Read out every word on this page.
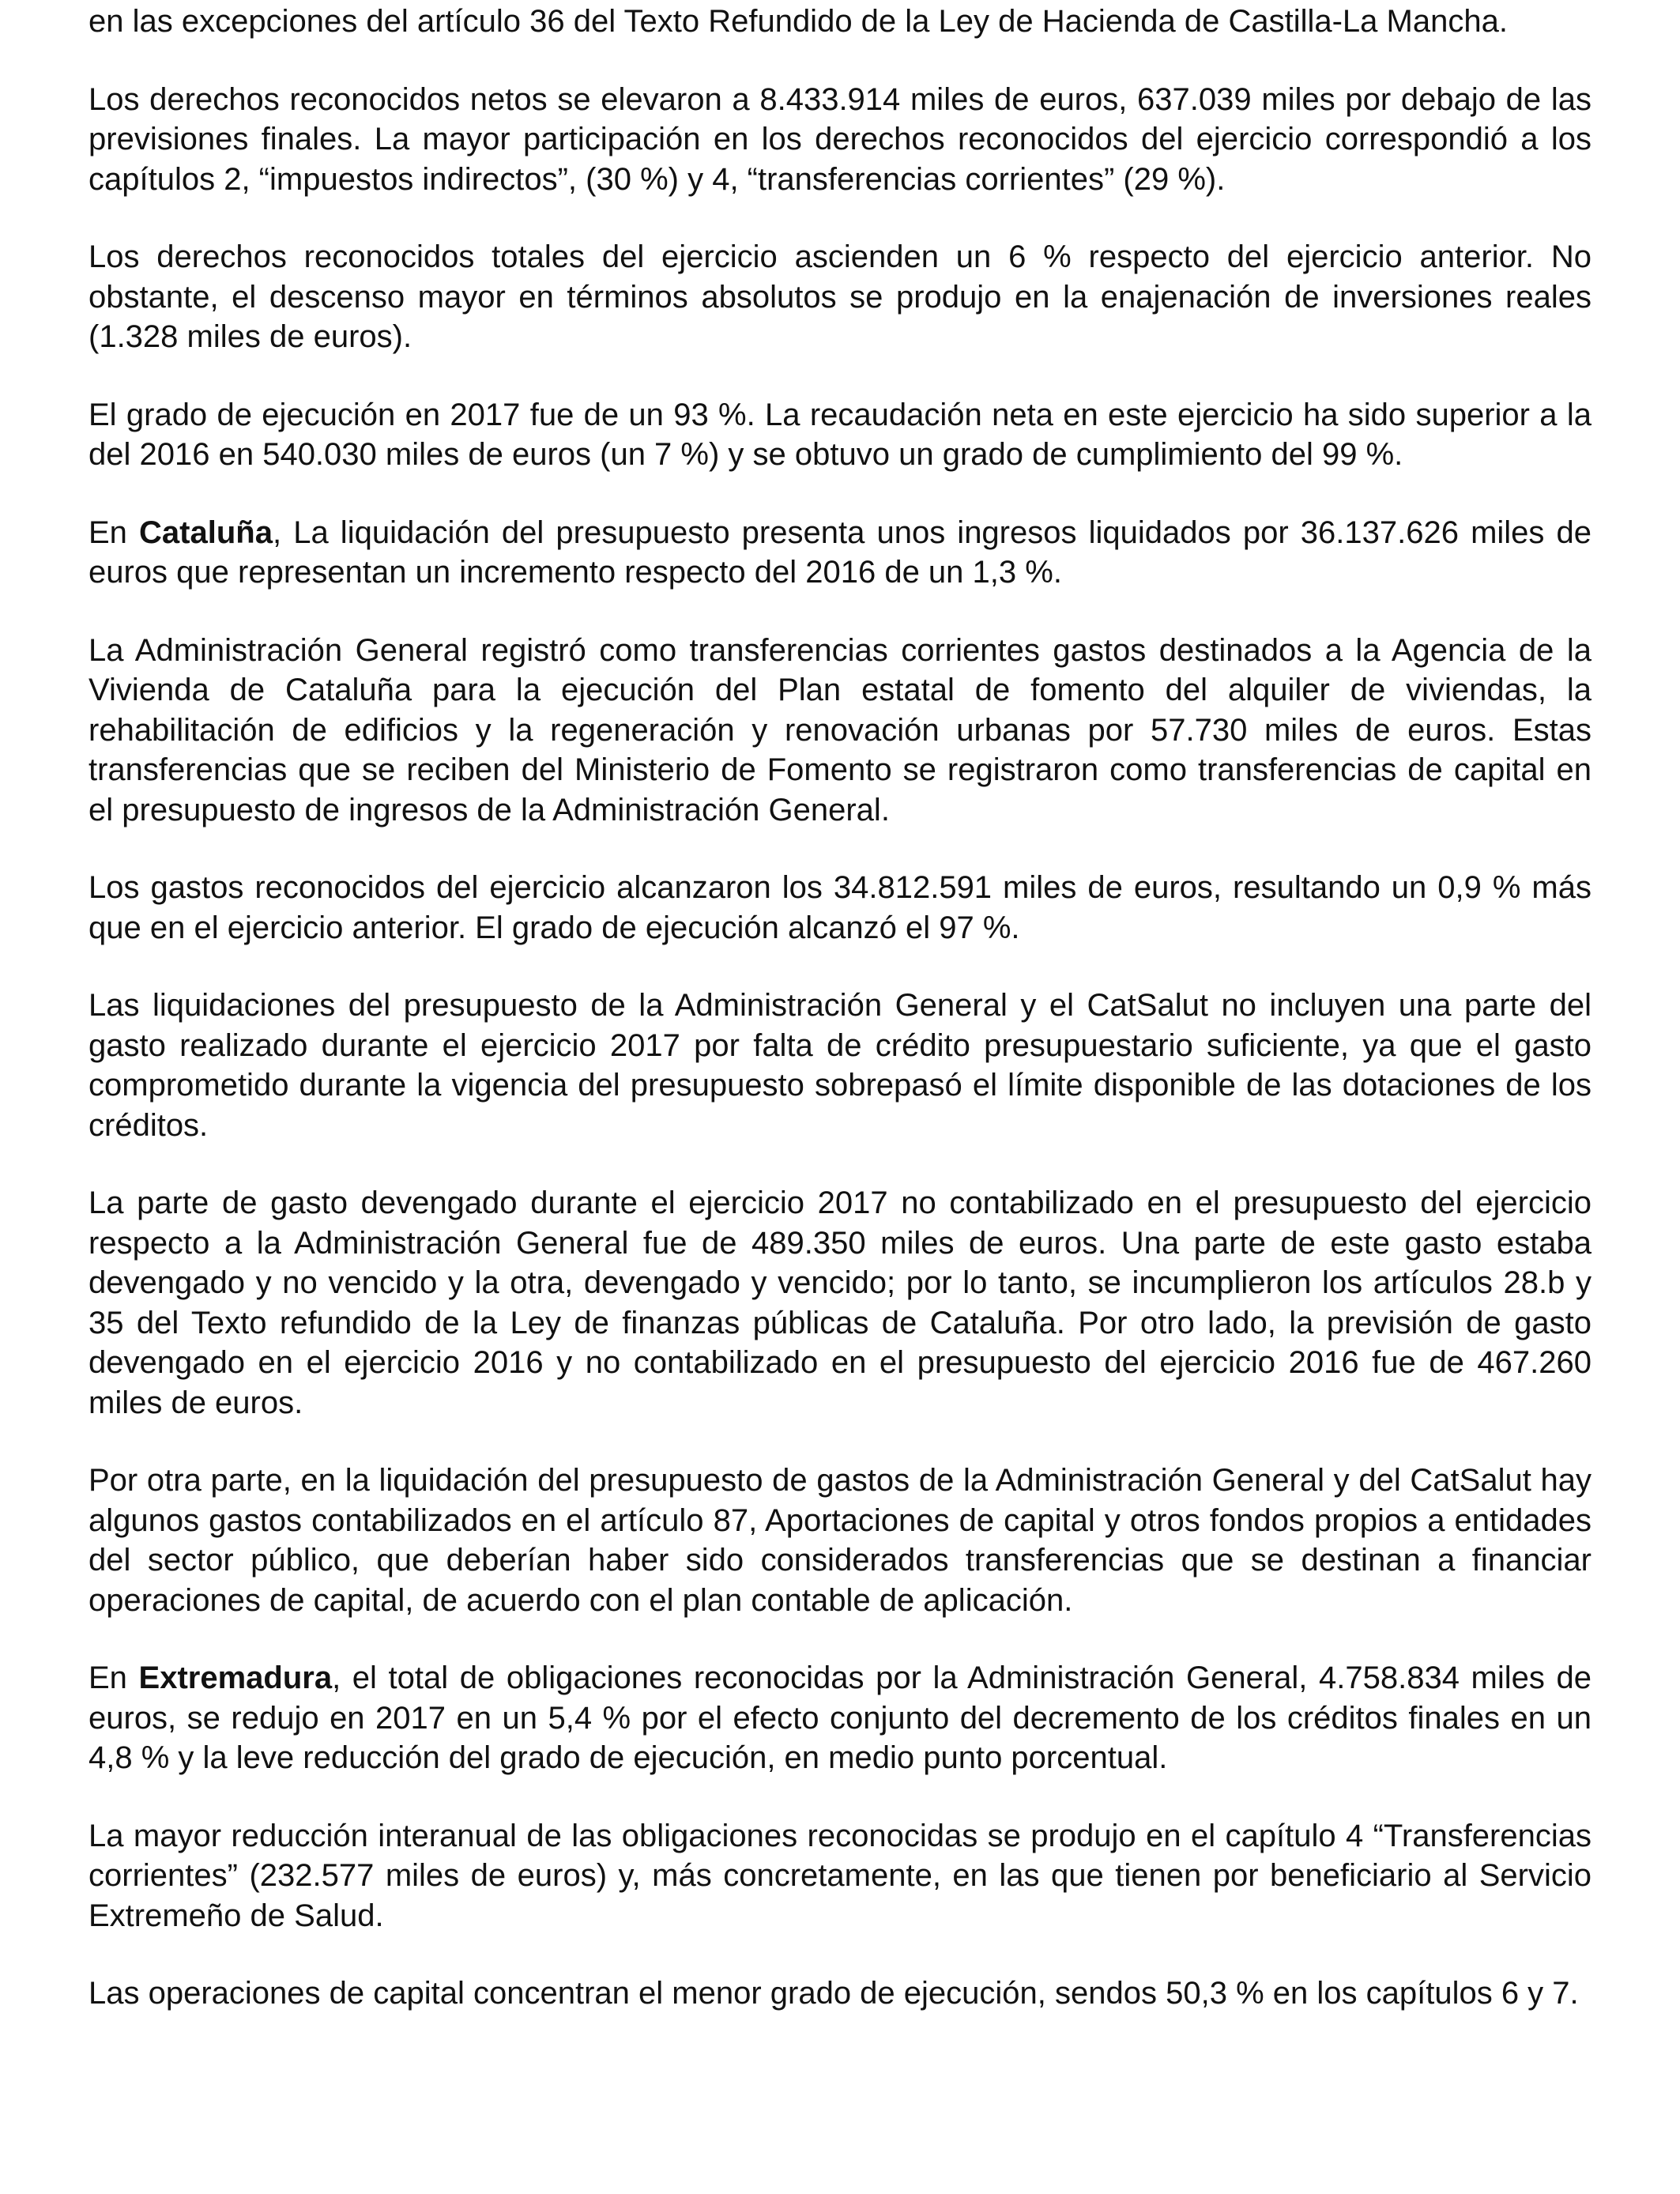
en las excepciones del artículo 36 del Texto Refundido de la Ley de Hacienda de Castilla-La Mancha.

Los derechos reconocidos netos se elevaron a 8.433.914 miles de euros, 637.039 miles por debajo de las previsiones finales. La mayor participación en los derechos reconocidos del ejercicio correspondió a los capítulos 2, “impuestos indirectos”, (30 %) y 4, “transferencias corrientes” (29 %).

Los derechos reconocidos totales del ejercicio ascienden un 6 % respecto del ejercicio anterior. No obstante, el descenso mayor en términos absolutos se produjo en la enajenación de inversiones reales (1.328 miles de euros).

El grado de ejecución en 2017 fue de un 93 %. La recaudación neta en este ejercicio ha sido superior a la del 2016 en 540.030 miles de euros (un 7 %) y se obtuvo un grado de cumplimiento del 99 %.

En Cataluña, La liquidación del presupuesto presenta unos ingresos liquidados por 36.137.626 miles de euros que representan un incremento respecto del 2016 de un 1,3 %.

La Administración General registró como transferencias corrientes gastos destinados a la Agencia de la Vivienda de Cataluña para la ejecución del Plan estatal de fomento del alquiler de viviendas, la rehabilitación de edificios y la regeneración y renovación urbanas por 57.730 miles de euros. Estas transferencias que se reciben del Ministerio de Fomento se registraron como transferencias de capital en el presupuesto de ingresos de la Administración General.

Los gastos reconocidos del ejercicio alcanzaron los 34.812.591 miles de euros, resultando un 0,9 % más que en el ejercicio anterior. El grado de ejecución alcanzó el 97 %.

Las liquidaciones del presupuesto de la Administración General y el CatSalut no incluyen una parte del gasto realizado durante el ejercicio 2017 por falta de crédito presupuestario suficiente, ya que el gasto comprometido durante la vigencia del presupuesto sobrepasó el límite disponible de las dotaciones de los créditos.

La parte de gasto devengado durante el ejercicio 2017 no contabilizado en el presupuesto del ejercicio respecto a la Administración General fue de 489.350 miles de euros. Una parte de este gasto estaba devengado y no vencido y la otra, devengado y vencido; por lo tanto, se incumplieron los artículos 28.b y 35 del Texto refundido de la Ley de finanzas públicas de Cataluña. Por otro lado, la previsión de gasto devengado en el ejercicio 2016 y no contabilizado en el presupuesto del ejercicio 2016 fue de 467.260 miles de euros.

Por otra parte, en la liquidación del presupuesto de gastos de la Administración General y del CatSalut hay algunos gastos contabilizados en el artículo 87, Aportaciones de capital y otros fondos propios a entidades del sector público, que deberían haber sido considerados transferencias que se destinan a financiar operaciones de capital, de acuerdo con el plan contable de aplicación.

En Extremadura, el total de obligaciones reconocidas por la Administración General, 4.758.834 miles de euros, se redujo en 2017 en un 5,4 % por el efecto conjunto del decremento de los créditos finales en un 4,8 % y la leve reducción del grado de ejecución, en medio punto porcentual.

La mayor reducción interanual de las obligaciones reconocidas se produjo en el capítulo 4 “Transferencias corrientes” (232.577 miles de euros) y, más concretamente, en las que tienen por beneficiario al Servicio Extremeño de Salud.

Las operaciones de capital concentran el menor grado de ejecución, sendos 50,3 % en los capítulos 6 y 7.
